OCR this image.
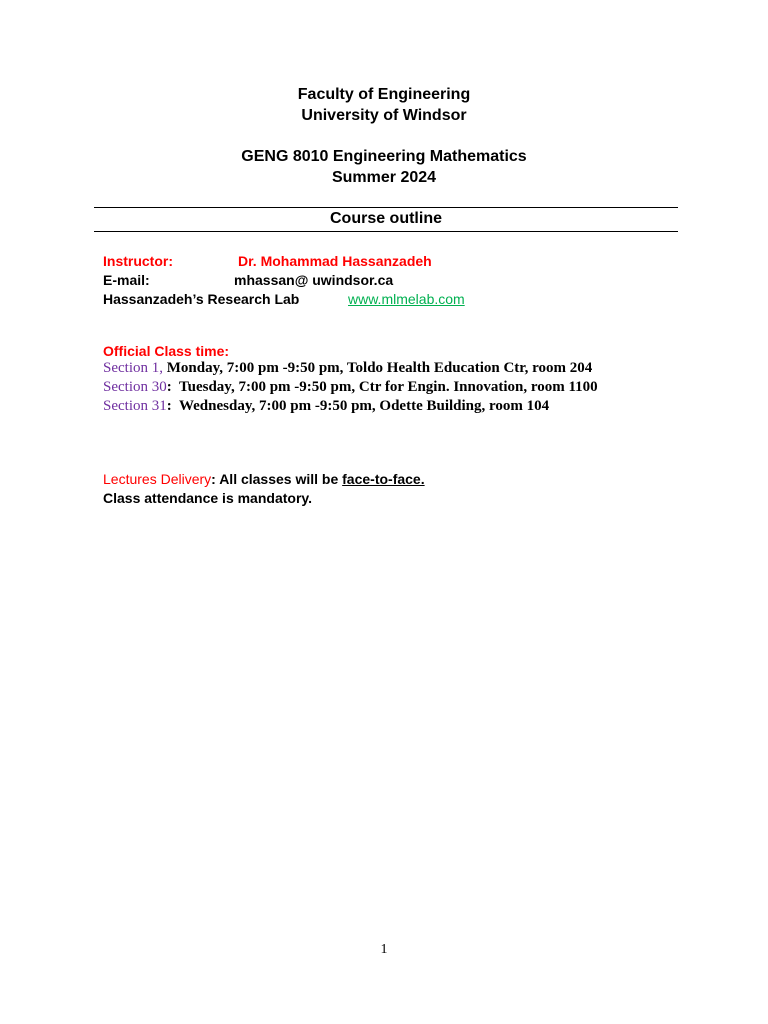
Faculty of Engineering
University of Windsor
GENG 8010 Engineering Mathematics
Summer 2024
Course outline
Instructor:	Dr. Mohammad Hassanzadeh
E-mail:	mhassan@ uwindsor.ca
Hassanzadeh’s Research Lab	www.mlmelab.com
Official Class time:
Section 1, Monday, 7:00 pm -9:50 pm, Toldo Health Education Ctr, room 204
Section 30:  Tuesday, 7:00 pm -9:50 pm, Ctr for Engin. Innovation, room 1100
Section 31:  Wednesday, 7:00 pm -9:50 pm, Odette Building, room 104
Lectures Delivery: All classes will be face-to-face.
Class attendance is mandatory.
1
